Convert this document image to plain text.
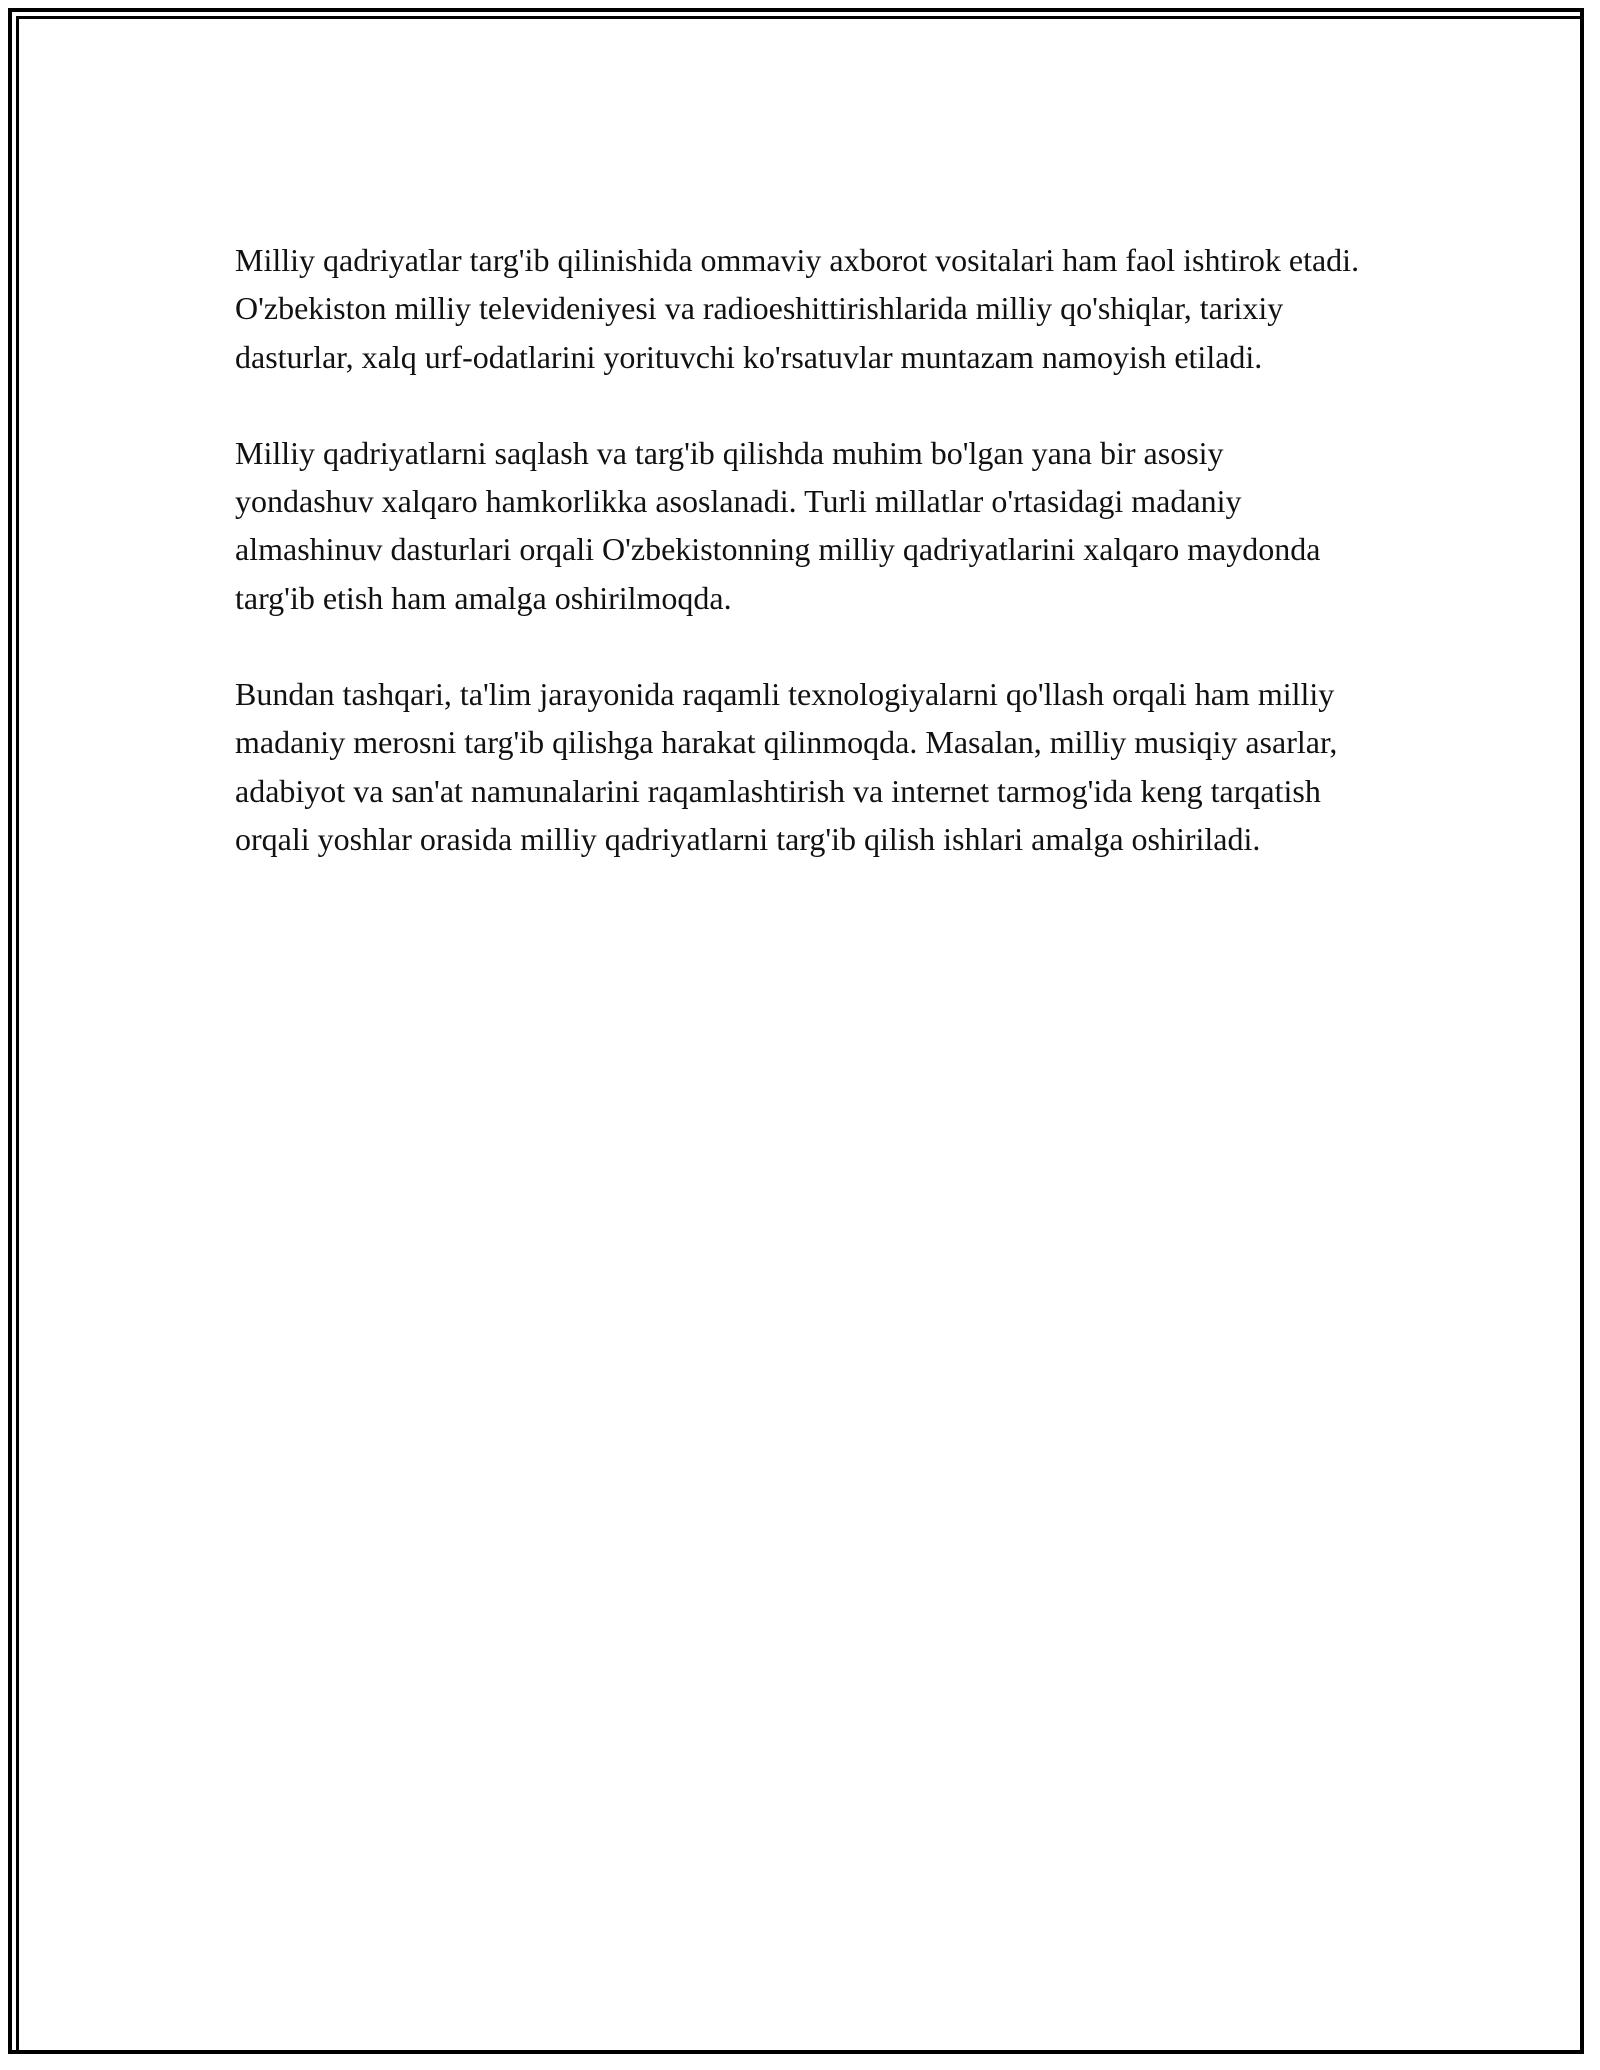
Milliy qadriyatlar targ'ib qilinishida ommaviy axborot vositalari ham faol ishtirok etadi. O'zbekiston milliy televideniyesi va radioeshittirishlarida milliy qo'shiqlar, tarixiy dasturlar, xalq urf-odatlarini yorituvchi ko'rsatuvlar muntazam namoyish etiladi.

Milliy qadriyatlarni saqlash va targ'ib qilishda muhim bo'lgan yana bir asosiy yondashuv xalqaro hamkorlikka asoslanadi. Turli millatlar o'rtasidagi madaniy almashinuv dasturlari orqali O'zbekistonning milliy qadriyatlarini xalqaro maydonda targ'ib etish ham amalga oshirilmoqda.

Bundan tashqari, ta'lim jarayonida raqamli texnologiyalarni qo'llash orqali ham milliy madaniy merosni targ'ib qilishga harakat qilinmoqda. Masalan, milliy musiqiy asarlar, adabiyot va san'at namunalarini raqamlashtirish va internet tarmog'ida keng tarqatish orqali yoshlar orasida milliy qadriyatlarni targ'ib qilish ishlari amalga oshiriladi.
